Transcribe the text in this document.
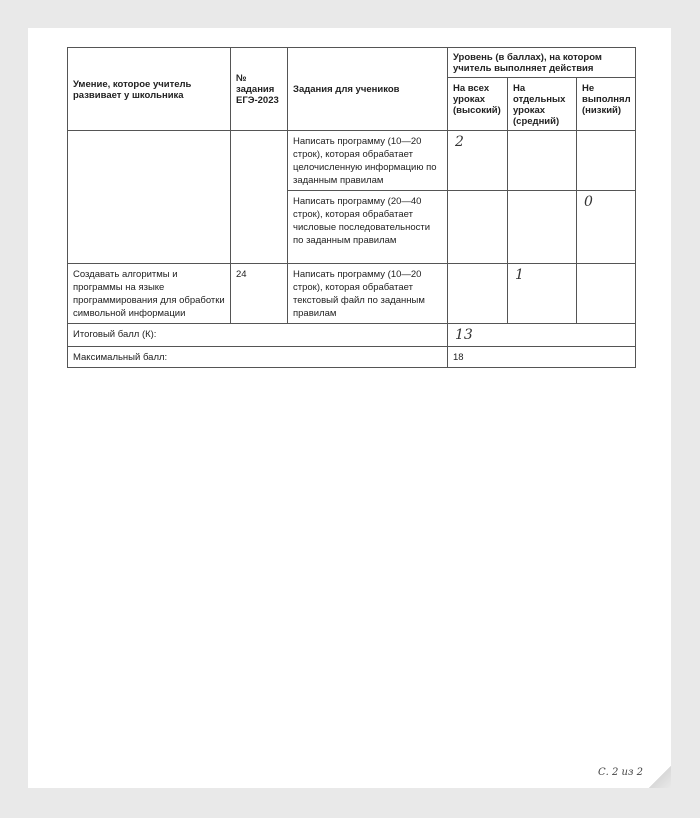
Умение, которое учитель развивает у школьника	№ задания ЕГЭ-2023	Задания для учеников	Уровень (в баллах), на котором учитель выполняет действия		
			На всех уроках (высокий)	На отдельных уроках (средний)	Не выполнял (низкий)
		Написать программу (10—20 строк), которая обрабатает целочисленную информацию по заданным правилам	2		
		Написать программу (20—40 строк), которая обрабатает числовые последовательности по заданным правилам			0
Создавать алгоритмы и программы на языке программирования для обработки символьной информации	24	Написать программу (10—20 строк), которая обрабатает текстовый файл по заданным правилам		1	
Итоговый балл (К):			13		
Максимальный балл:			18		
С. 2 из 2
